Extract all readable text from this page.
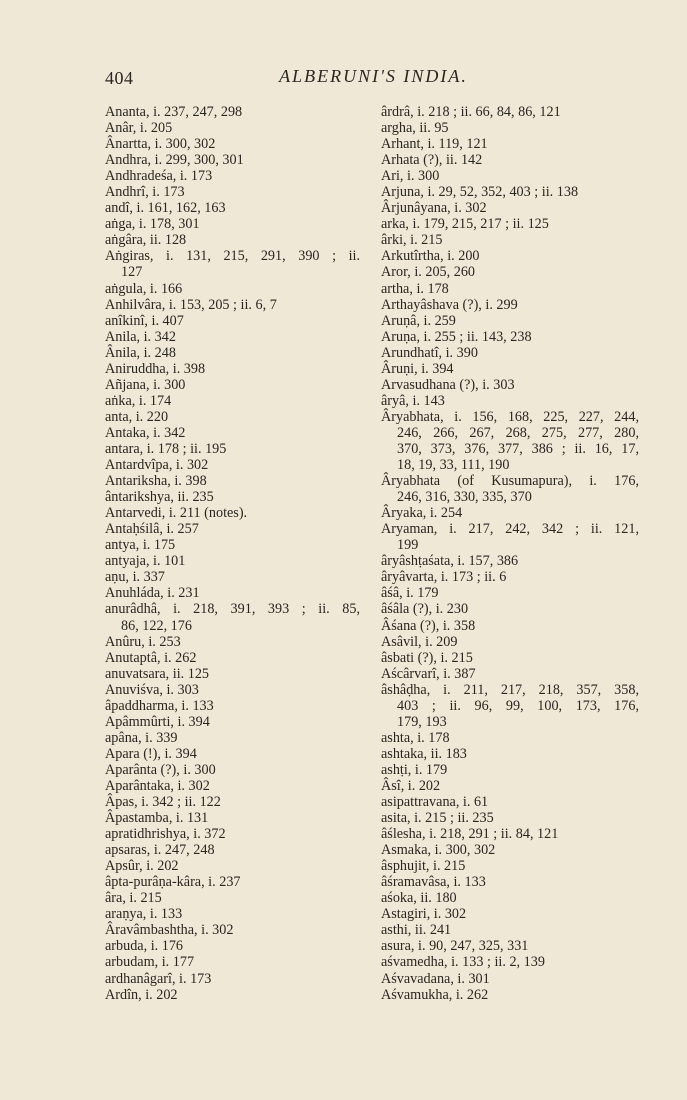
404	ALBERUNI'S INDIA.

Ananta, i. 237, 247, 298

Anâr, i. 205

Ânartta, i. 300, 302

Andhra, i. 299, 300, 301

Andhradeśa, i. 173

Andhrî, i. 173

andî, i. 161, 162, 163

aṅga, i. 178, 301

aṅgâra, ii. 128

Aṅgiras, i. 131, 215, 291, 390 ; ii.

127

aṅgula, i. 166

Anhilvâra, i. 153, 205 ; ii. 6, 7

anîkinî, i. 407

Anila, i. 342

Ânila, i. 248

Aniruddha, i. 398

Añjana, i. 300

aṅka, i. 174

anta, i. 220

Antaka, i. 342

antara, i. 178 ; ii. 195

Antardvîpa, i. 302

Antariksha, i. 398

ântarikshya, ii. 235

Antarvedi, i. 211 (notes).

Antaḥśilâ, i. 257

antya, i. 175

antyaja, i. 101

aṇu, i. 337

Anuhláda, i. 231

anurâdhâ, i. 218, 391, 393 ; ii. 85,

86, 122, 176

Anûru, i. 253

Anutaptâ, i. 262

anuvatsara, ii. 125

Anuviśva, i. 303

âpaddharma, i. 133

Apâmmûrti, i. 394

apâna, i. 339

Apara (!), i. 394

Aparânta (?), i. 300

Aparântaka, i. 302

Âpas, i. 342 ; ii. 122

Âpastamba, i. 131

apratidhrishya, i. 372

apsaras, i. 247, 248

Apsûr, i. 202

âpta-purâṇa-kâra, i. 237

âra, i. 215

araṇya, i. 133

Âravâmbashtha, i. 302

arbuda, i. 176

arbudam, i. 177

ardhanâgarî, i. 173

Ardîn, i. 202

ârdrâ, i. 218 ; ii. 66, 84, 86, 121

argha, ii. 95

Arhant, i. 119, 121

Arhata (?), ii. 142

Ari, i. 300

Arjuna, i. 29, 52, 352, 403 ; ii. 138

Ârjunâyana, i. 302

arka, i. 179, 215, 217 ; ii. 125

ârki, i. 215

Arkutîrtha, i. 200

Aror, i. 205, 260

artha, i. 178

Arthayâshava (?), i. 299

Aruṇâ, i. 259

Aruṇa, i. 255 ; ii. 143, 238

Arundhatî, i. 390

Âruṇi, i. 394

Arvasudhana (?), i. 303

âryâ, i. 143

Âryabhata, i. 156, 168, 225, 227, 244,

246, 266, 267, 268, 275, 277, 280,

370, 373, 376, 377, 386 ; ii. 16, 17,

18, 19, 33, 111, 190

Âryabhata (of Kusumapura), i. 176,

246, 316, 330, 335, 370

Âryaka, i. 254

Aryaman, i. 217, 242, 342 ; ii. 121,

199

âryâshṭaśata, i. 157, 386

âryâvarta, i. 173 ; ii. 6

âśâ, i. 179

âśâla (?), i. 230

Âśana (?), i. 358

Asâvil, i. 209

âsbati (?), i. 215

Aścârvarî, i. 387

âshâḍha, i. 211, 217, 218, 357, 358,

403 ; ii. 96, 99, 100, 173, 176,

179, 193

ashta, i. 178

ashtaka, ii. 183

ashṭi, i. 179

Âsî, i. 202

asipattravana, i. 61

asita, i. 215 ; ii. 235

âślesha, i. 218, 291 ; ii. 84, 121

Asmaka, i. 300, 302

âsphujit, i. 215

âśramavâsa, i. 133

aśoka, ii. 180

Astagiri, i. 302

asthi, ii. 241

asura, i. 90, 247, 325, 331

aśvamedha, i. 133 ; ii. 2, 139

Aśvavadana, i. 301

Aśvamukha, i. 262
